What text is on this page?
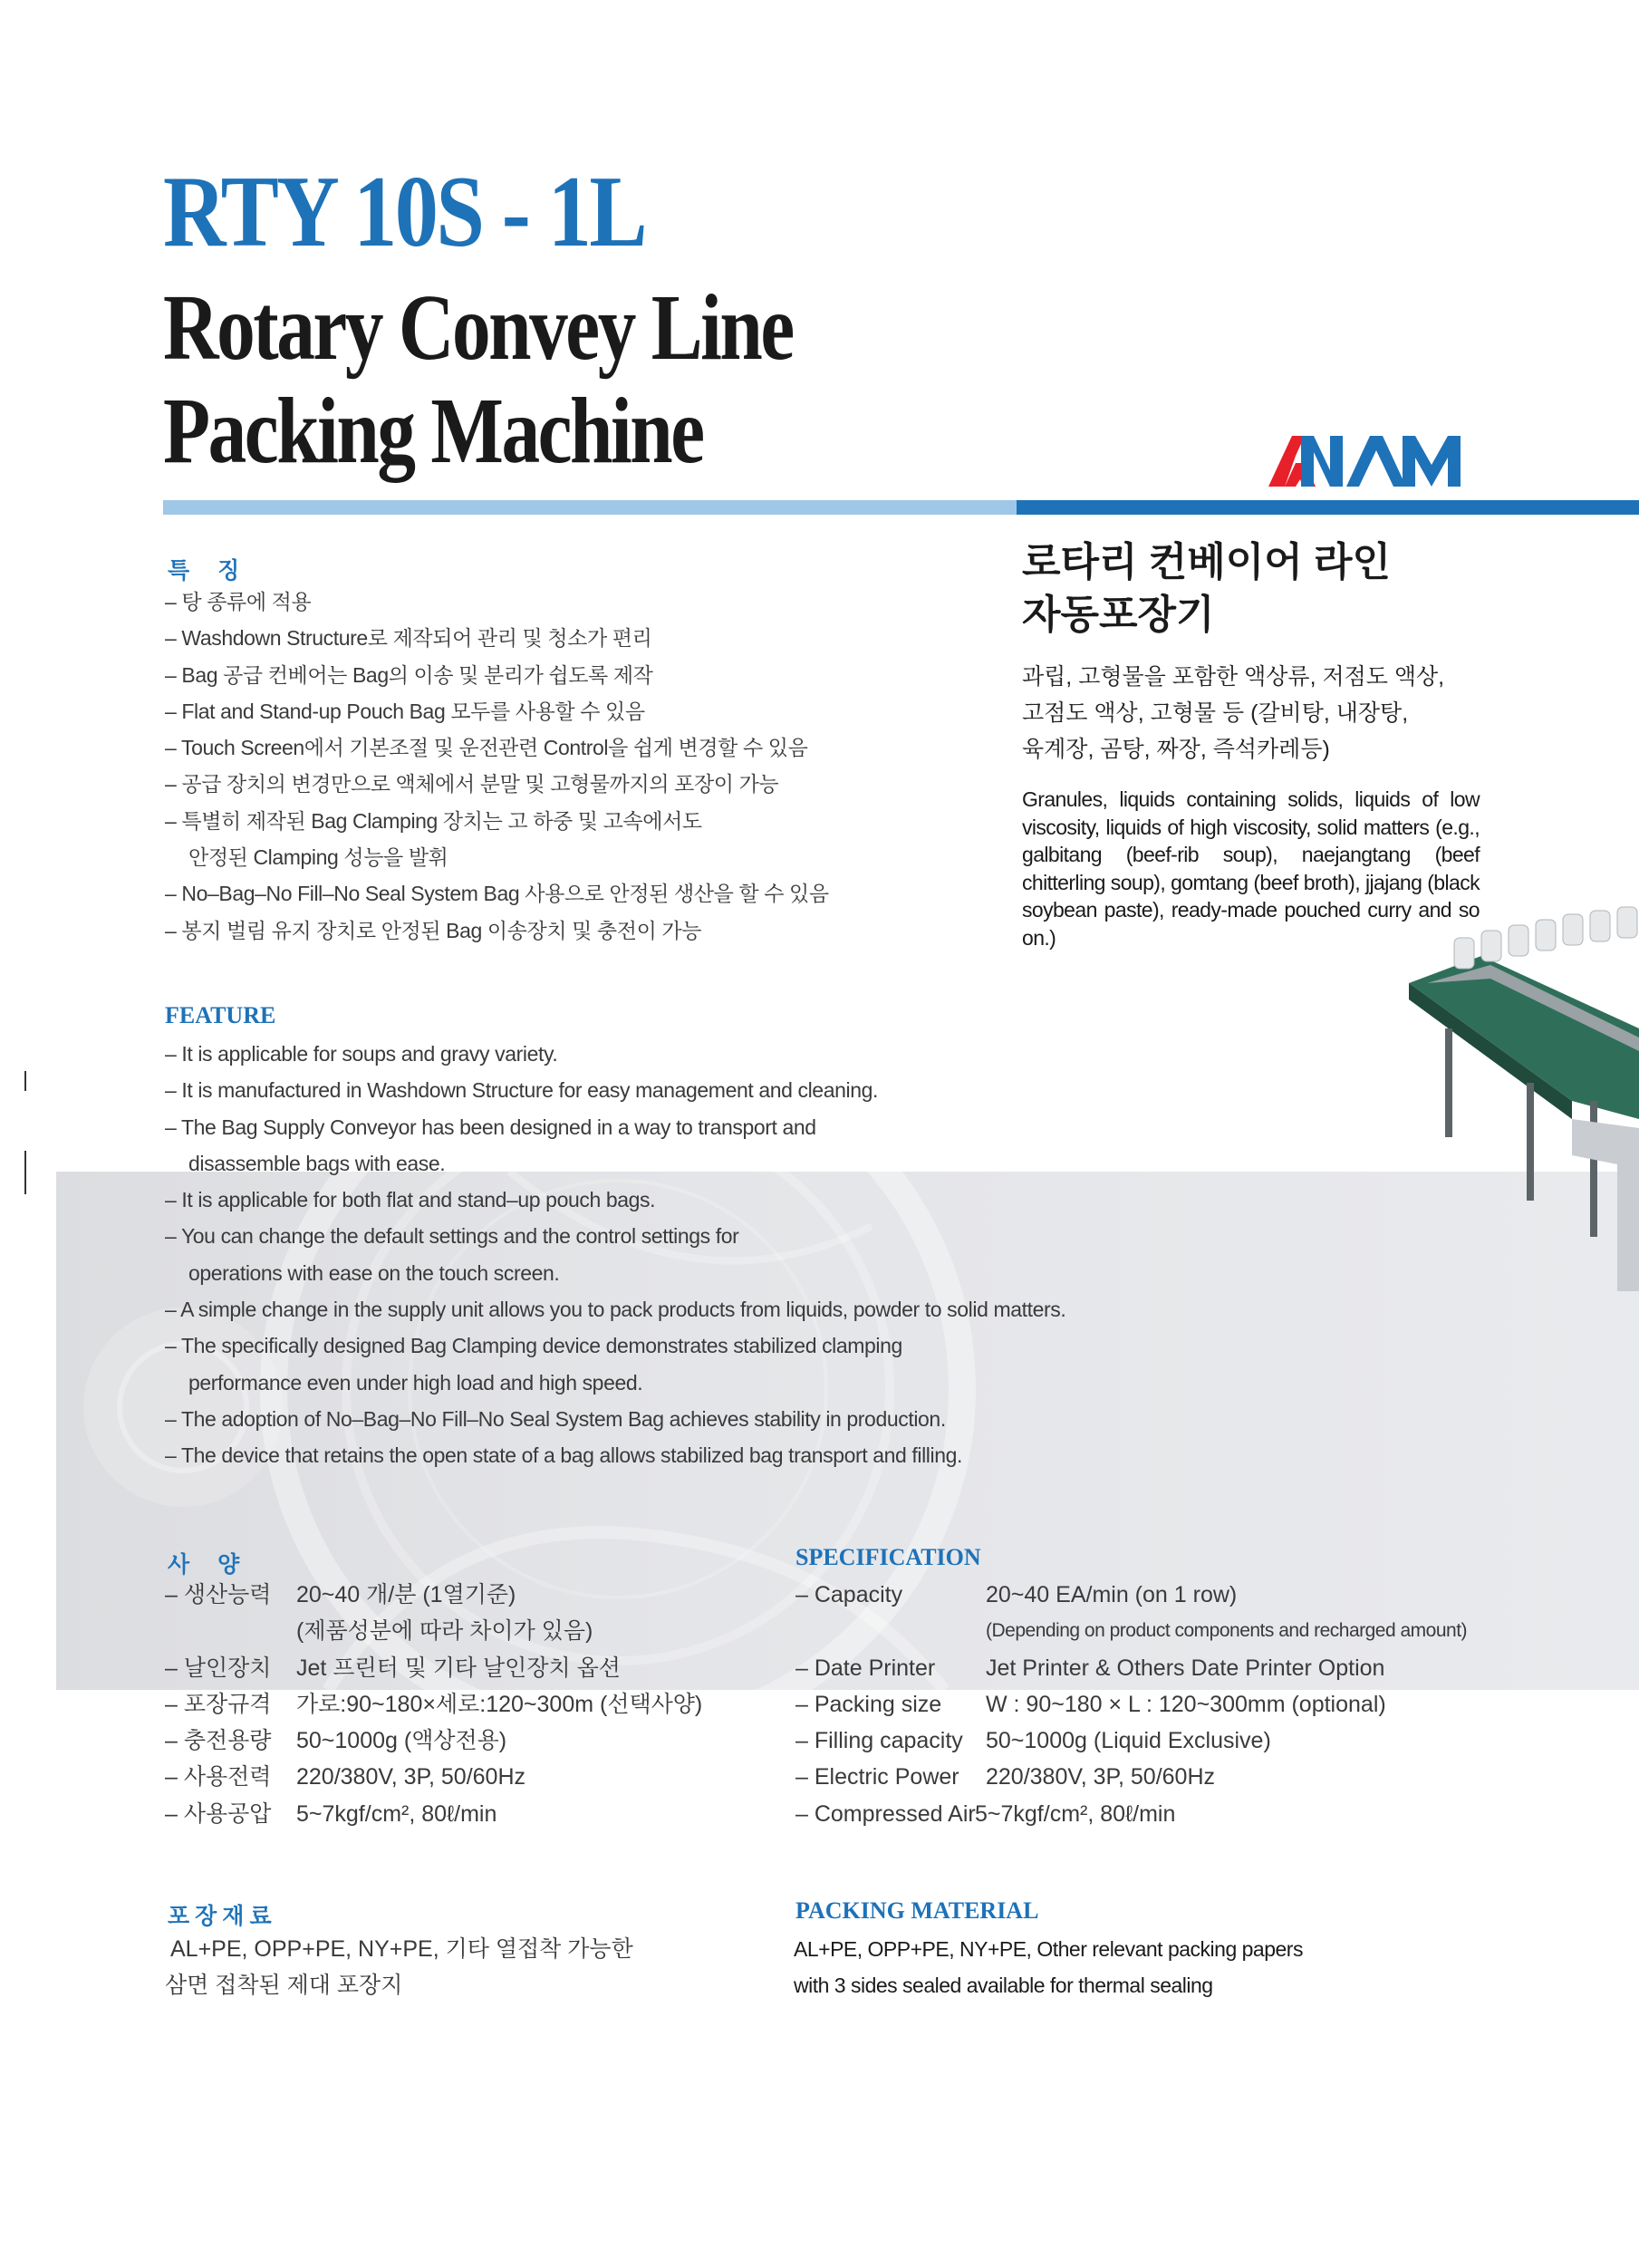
RTY 10S - 1L
Rotary Convey Line
Packing Machine	ANAM
특 징
– 탕 종류에 적용
– Washdown Structure로 제작되어 관리 및 청소가 편리
– Bag 공급 컨베어는 Bag의 이송 및 분리가 쉽도록 제작
– Flat and Stand-up Pouch Bag 모두를 사용할 수 있음
– Touch Screen에서 기본조절 및 운전관련 Control을 쉽게 변경할 수 있음
– 공급 장치의 변경만으로 액체에서 분말 및 고형물까지의 포장이 가능
– 특별히 제작된 Bag Clamping 장치는 고 하중 및 고속에서도
안정된 Clamping 성능을 발휘
– No–Bag–No Fill–No Seal System Bag 사용으로 안정된 생산을 할 수 있음
– 봉지 벌림 유지 장치로 안정된 Bag 이송장치 및 충전이 가능
로타리 컨베이어 라인
자동포장기
과립, 고형물을 포함한 액상류, 저점도 액상,
고점도 액상, 고형물 등 (갈비탕, 내장탕,
육계장, 곰탕, 짜장, 즉석카레등)
Granules, liquids containing solids, liquids of low viscosity, liquids of high viscosity, solid matters (e.g., galbitang (beef-rib soup), naejangtang (beef chitterling soup), gomtang (beef broth), jjajang (black soybean paste), ready-made pouched curry and so on.)
FEATURE
– It is applicable for soups and gravy variety.
– It is manufactured in Washdown Structure for easy management and cleaning.
– The Bag Supply Conveyor has been designed in a way to transport and
disassemble bags with ease.
– It is applicable for both flat and stand–up pouch bags.
– You can change the default settings and the control settings for
operations with ease on the touch screen.
– A simple change in the supply unit allows you to pack products from liquids, powder to solid matters.
– The specifically designed Bag Clamping device demonstrates stabilized clamping
performance even under high load and high speed.
– The adoption of No–Bag–No Fill–No Seal System Bag achieves stability in production.
– The device that retains the open state of a bag allows stabilized bag transport and filling.
사 양
– 생산능력	20~40 개/분 (1열기준)
(제품성분에 따라 차이가 있음)
– 날인장치	Jet 프린터 및 기타 날인장치 옵션
– 포장규격	가로:90~180×세로:120~300m (선택사양)
– 충전용량	50~1000g (액상전용)
– 사용전력	220/380V, 3P, 50/60Hz
– 사용공압	5~7kgf/cm², 80ℓ/min
SPECIFICATION
– Capacity	20~40 EA/min (on 1 row)
(Depending on product components and recharged amount)
– Date Printer	Jet Printer & Others Date Printer Option
– Packing size	W : 90~180 × L : 120~300mm (optional)
– Filling capacity	50~1000g (Liquid Exclusive)
– Electric Power	220/380V, 3P, 50/60Hz
– Compressed Air 5~7kgf/cm², 80ℓ/min
포장재료
AL+PE, OPP+PE, NY+PE, 기타 열접착 가능한
삼면 접착된 제대 포장지
PACKING MATERIAL
AL+PE, OPP+PE, NY+PE, Other relevant packing papers
with 3 sides sealed available for thermal sealing
